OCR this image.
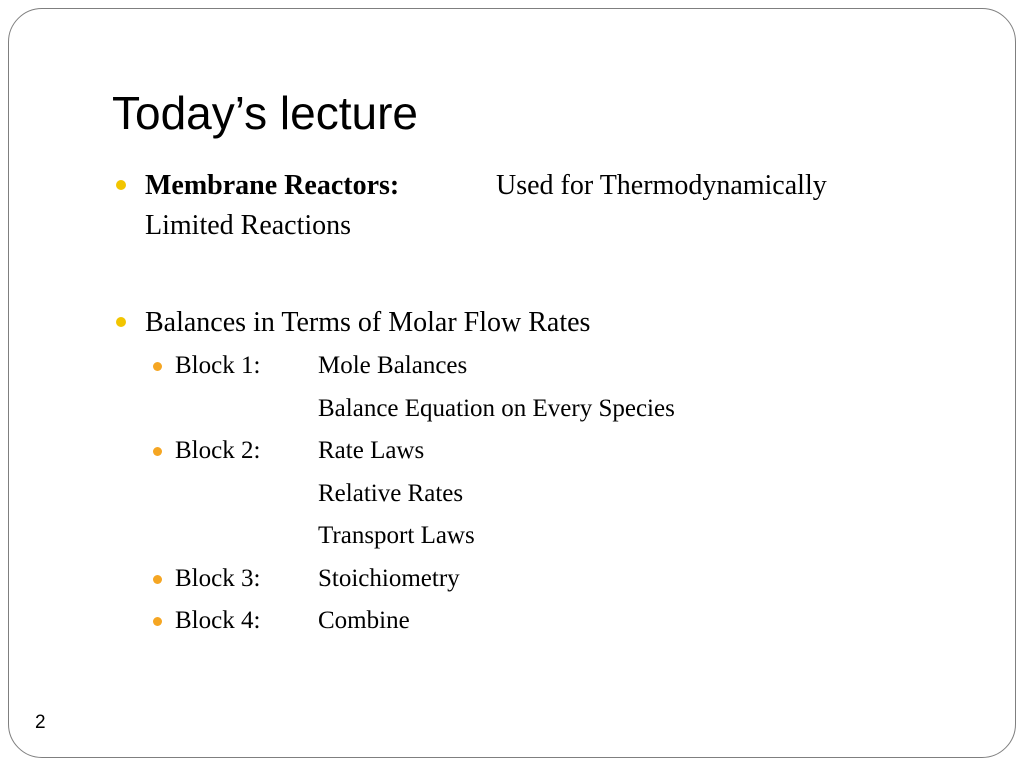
Today’s lecture
Membrane Reactors:	Used for Thermodynamically
Limited Reactions
Balances in Terms of Molar Flow Rates
Block 1: Mole Balances
Balance Equation on Every Species
Block 2: Rate Laws
Relative Rates
Transport Laws
Block 3: Stoichiometry
Block 4: Combine
2
